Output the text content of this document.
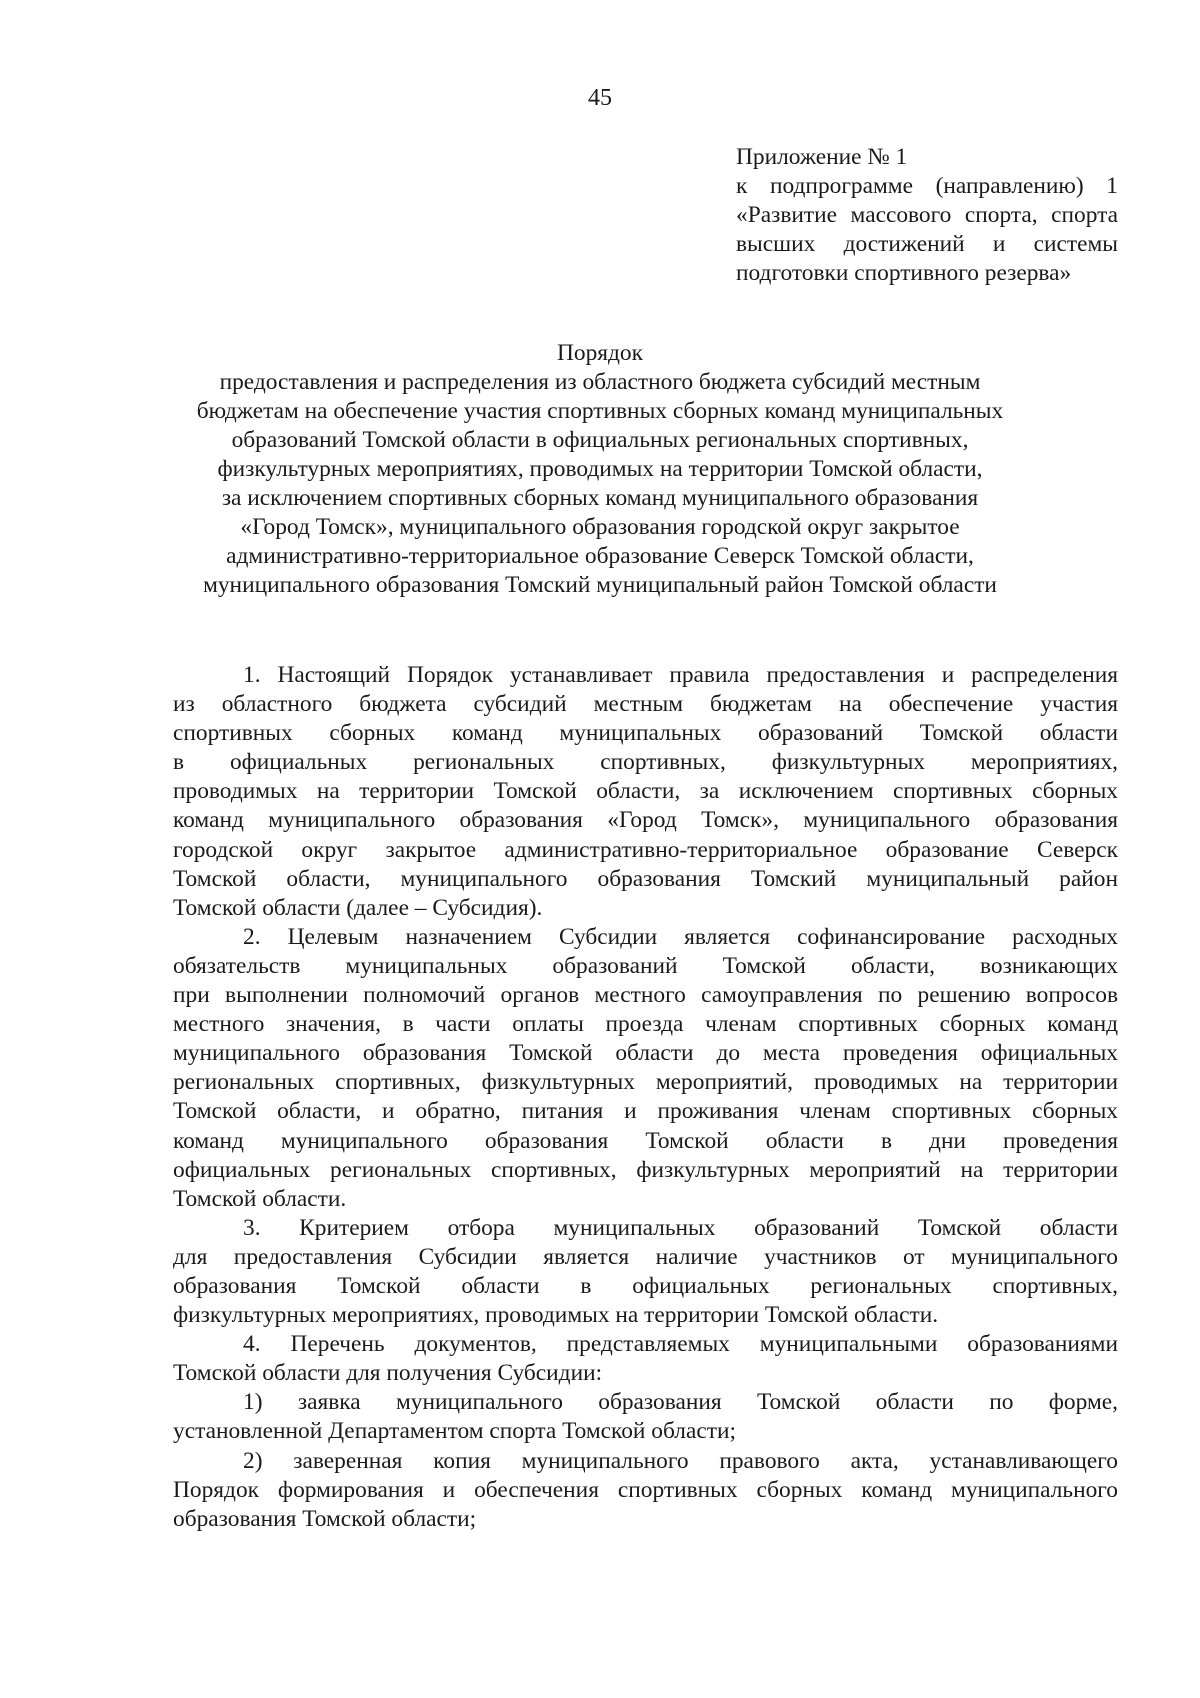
45
Приложение № 1
к подпрограмме (направлению) 1
«Развитие массового спорта, спорта
высших достижений и системы
подготовки спортивного резерва»
Порядок
предоставления и распределения из областного бюджета субсидий местным
бюджетам на обеспечение участия спортивных сборных команд муниципальных
образований Томской области в официальных региональных спортивных,
физкультурных мероприятиях, проводимых на территории Томской области,
за исключением спортивных сборных команд муниципального образования
«Город Томск», муниципального образования городской округ закрытое
административно-территориальное образование Северск Томской области,
муниципального образования Томский муниципальный район Томской области
1. Настоящий Порядок устанавливает правила предоставления и распределения
из областного бюджета субсидий местным бюджетам на обеспечение участия
спортивных сборных команд муниципальных образований Томской области
в официальных региональных спортивных, физкультурных мероприятиях,
проводимых на территории Томской области, за исключением спортивных сборных
команд муниципального образования «Город Томск», муниципального образования
городской округ закрытое административно-территориальное образование Северск
Томской области, муниципального образования Томский муниципальный район
Томской области (далее – Субсидия).
2. Целевым назначением Субсидии является софинансирование расходных
обязательств муниципальных образований Томской области, возникающих
при выполнении полномочий органов местного самоуправления по решению вопросов
местного значения, в части оплаты проезда членам спортивных сборных команд
муниципального образования Томской области до места проведения официальных
региональных спортивных, физкультурных мероприятий, проводимых на территории
Томской области, и обратно, питания и проживания членам спортивных сборных
команд муниципального образования Томской области в дни проведения
официальных региональных спортивных, физкультурных мероприятий на территории
Томской области.
3. Критерием отбора муниципальных образований Томской области
для предоставления Субсидии является наличие участников от муниципального
образования Томской области в официальных региональных спортивных,
физкультурных мероприятиях, проводимых на территории Томской области.
4. Перечень документов, представляемых муниципальными образованиями
Томской области для получения Субсидии:
1) заявка муниципального образования Томской области по форме,
установленной Департаментом спорта Томской области;
2) заверенная копия муниципального правового акта, устанавливающего
Порядок формирования и обеспечения спортивных сборных команд муниципального
образования Томской области;
